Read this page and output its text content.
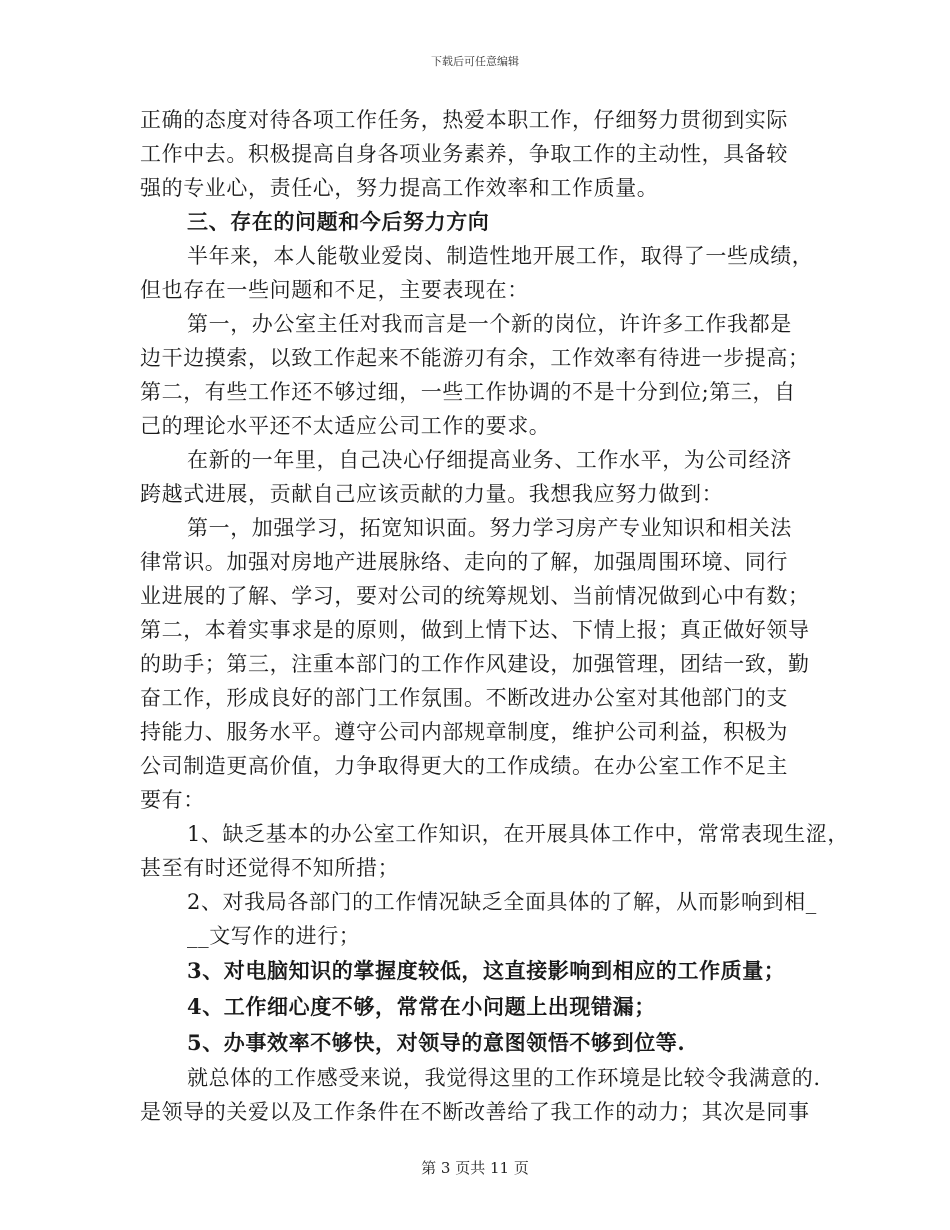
下载后可任意编辑
正确的态度对待各项工作任务，热爱本职工作，仔细努力贯彻到实际
工作中去。积极提高自身各项业务素养，争取工作的主动性，具备较
强的专业心，责任心，努力提高工作效率和工作质量。
三、存在的问题和今后努力方向
半年来，本人能敬业爱岗、制造性地开展工作，取得了一些成绩，
但也存在一些问题和不足，主要表现在：
第一，办公室主任对我而言是一个新的岗位，许许多工作我都是
边干边摸索，以致工作起来不能游刃有余，工作效率有待进一步提高；
第二，有些工作还不够过细，一些工作协调的不是十分到位;第三，自
己的理论水平还不太适应公司工作的要求。
在新的一年里，自己决心仔细提高业务、工作水平，为公司经济
跨越式进展，贡献自己应该贡献的力量。我想我应努力做到：
第一，加强学习，拓宽知识面。努力学习房产专业知识和相关法
律常识。加强对房地产进展脉络、走向的了解，加强周围环境、同行
业进展的了解、学习，要对公司的统筹规划、当前情况做到心中有数；
第二，本着实事求是的原则，做到上情下达、下情上报；真正做好领导
的助手；第三，注重本部门的工作作风建设，加强管理，团结一致，勤
奋工作，形成良好的部门工作氛围。不断改进办公室对其他部门的支
持能力、服务水平。遵守公司内部规章制度，维护公司利益，积极为
公司制造更高价值，力争取得更大的工作成绩。在办公室工作不足主
要有：
1、缺乏基本的办公室工作知识，在开展具体工作中，常常表现生涩，
甚至有时还觉得不知所措；
2、对我局各部门的工作情况缺乏全面具体的了解，从而影响到相_
__文写作的进行；
3、对电脑知识的掌握度较低，这直接影响到相应的工作质量；
4、工作细心度不够，常常在小问题上出现错漏；
5、办事效率不够快，对领导的意图领悟不够到位等.
就总体的工作感受来说，我觉得这里的工作环境是比较令我满意的.
是领导的关爱以及工作条件在不断改善给了我工作的动力；其次是同事
第 3 页共 11 页
